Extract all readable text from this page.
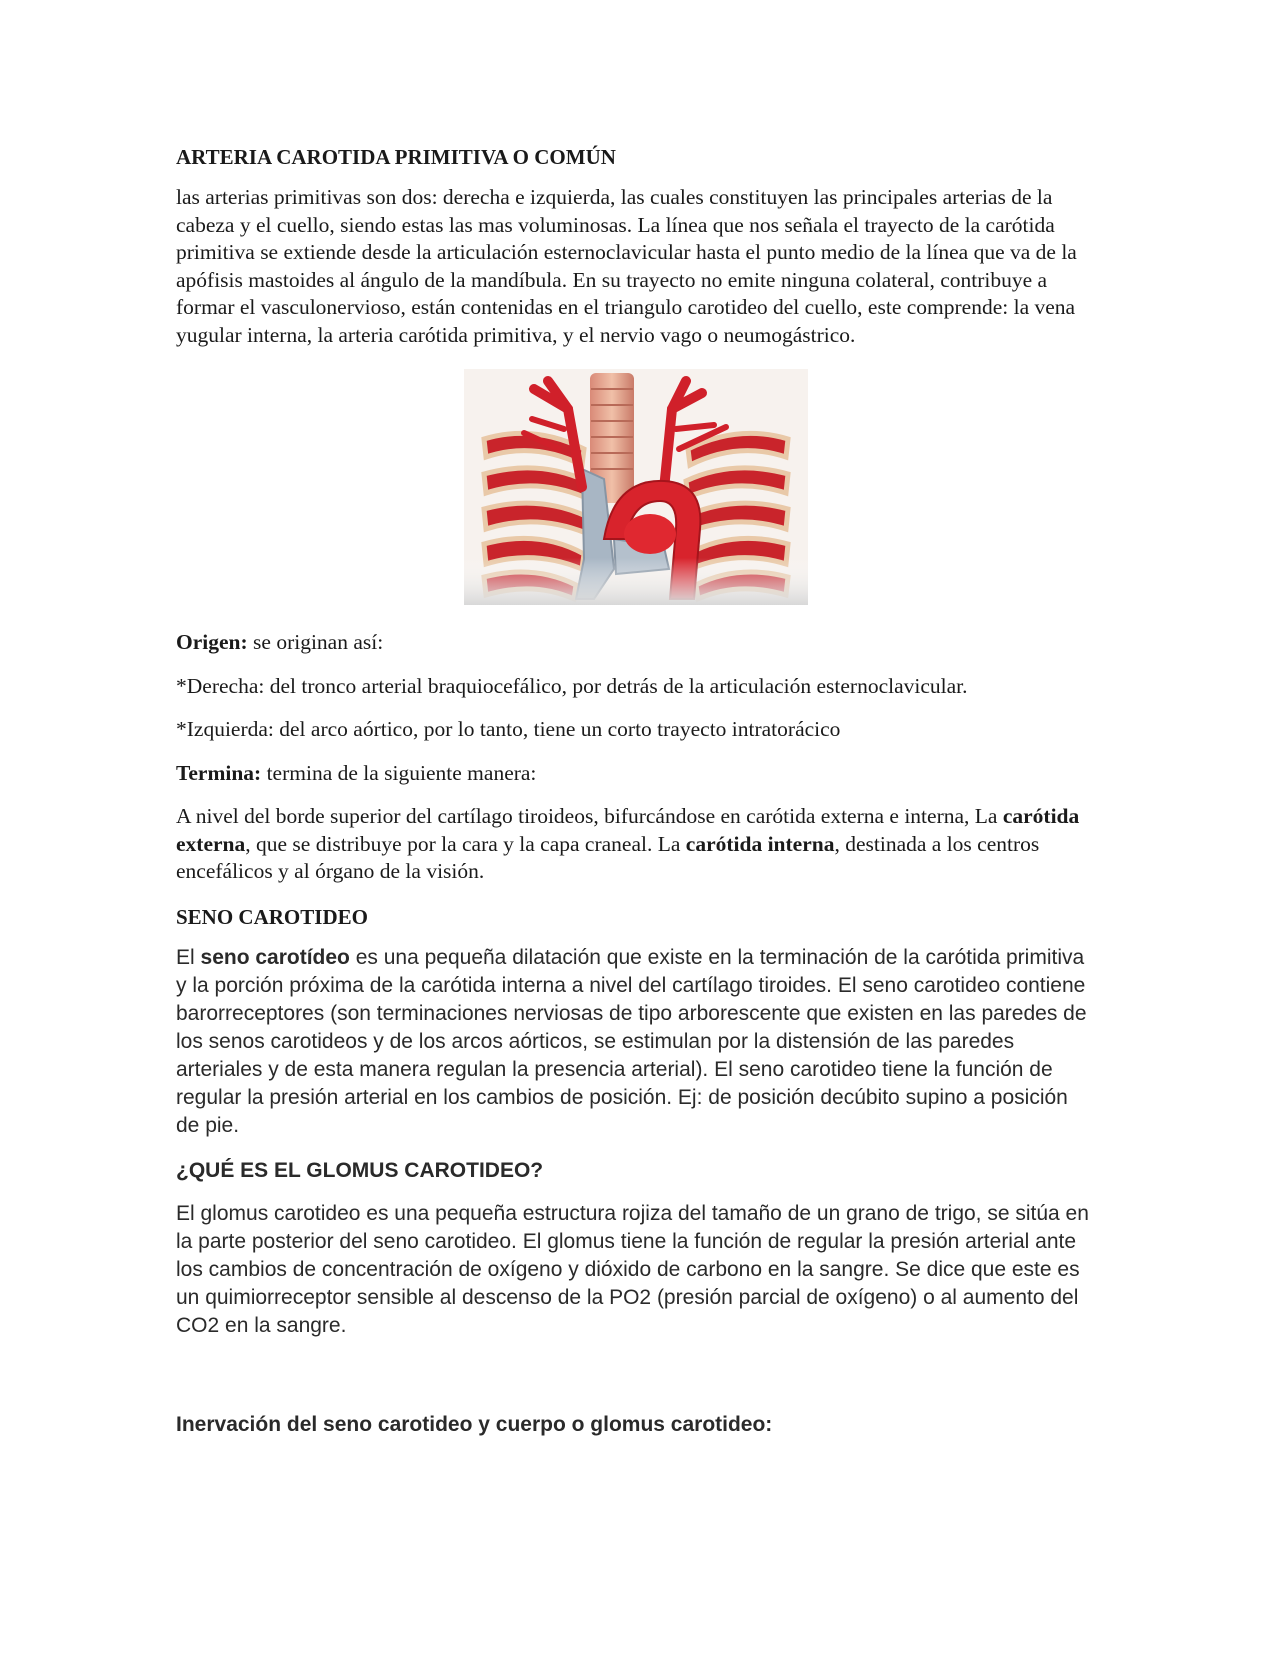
ARTERIA CAROTIDA PRIMITIVA O COMÚN

las arterias primitivas son dos: derecha e izquierda, las cuales constituyen las principales arterias de la cabeza y el cuello, siendo estas las mas voluminosas. La línea que nos señala el trayecto de la carótida primitiva se extiende desde la articulación esternoclavicular hasta el punto medio de la línea que va de la apófisis mastoides al ángulo de la mandíbula. En su trayecto no emite ninguna colateral, contribuye a formar el vasculonervioso, están contenidas en el triangulo carotideo del cuello, este comprende: la vena yugular interna, la arteria carótida primitiva, y el nervio vago o neumogástrico.

Origen: se originan así:

*Derecha: del tronco arterial braquiocefálico, por detrás de la articulación esternoclavicular.

*Izquierda: del arco aórtico, por lo tanto, tiene un corto trayecto intratorácico

Termina: termina de la siguiente manera:

A nivel del borde superior del cartílago tiroideos, bifurcándose en carótida externa e interna, La carótida externa, que se distribuye por la cara y la capa craneal. La carótida interna, destinada a los centros encefálicos y al órgano de la visión.

SENO CAROTIDEO

El seno carotídeo es una pequeña dilatación que existe en la terminación de la carótida primitiva y la porción próxima de la carótida interna a nivel del cartílago tiroides. El seno carotideo contiene barorreceptores (son terminaciones nerviosas de tipo arborescente que existen en las paredes de los senos carotideos y de los arcos aórticos, se estimulan por la distensión de las paredes arteriales y de esta manera regulan la presencia arterial). El seno carotideo tiene la función de regular la presión arterial en los cambios de posición. Ej: de posición decúbito supino a posición de pie.

¿QUÉ ES EL GLOMUS CAROTIDEO?

El glomus carotideo es una pequeña estructura rojiza del tamaño de un grano de trigo, se sitúa en la parte posterior del seno carotideo. El glomus tiene la función de regular la presión arterial ante los cambios de concentración de oxígeno y dióxido de carbono en la sangre. Se dice que este es un quimiorreceptor sensible al descenso de la PO2 (presión parcial de oxígeno) o al aumento del CO2 en la sangre.

Inervación del seno carotideo y cuerpo o glomus carotideo:
